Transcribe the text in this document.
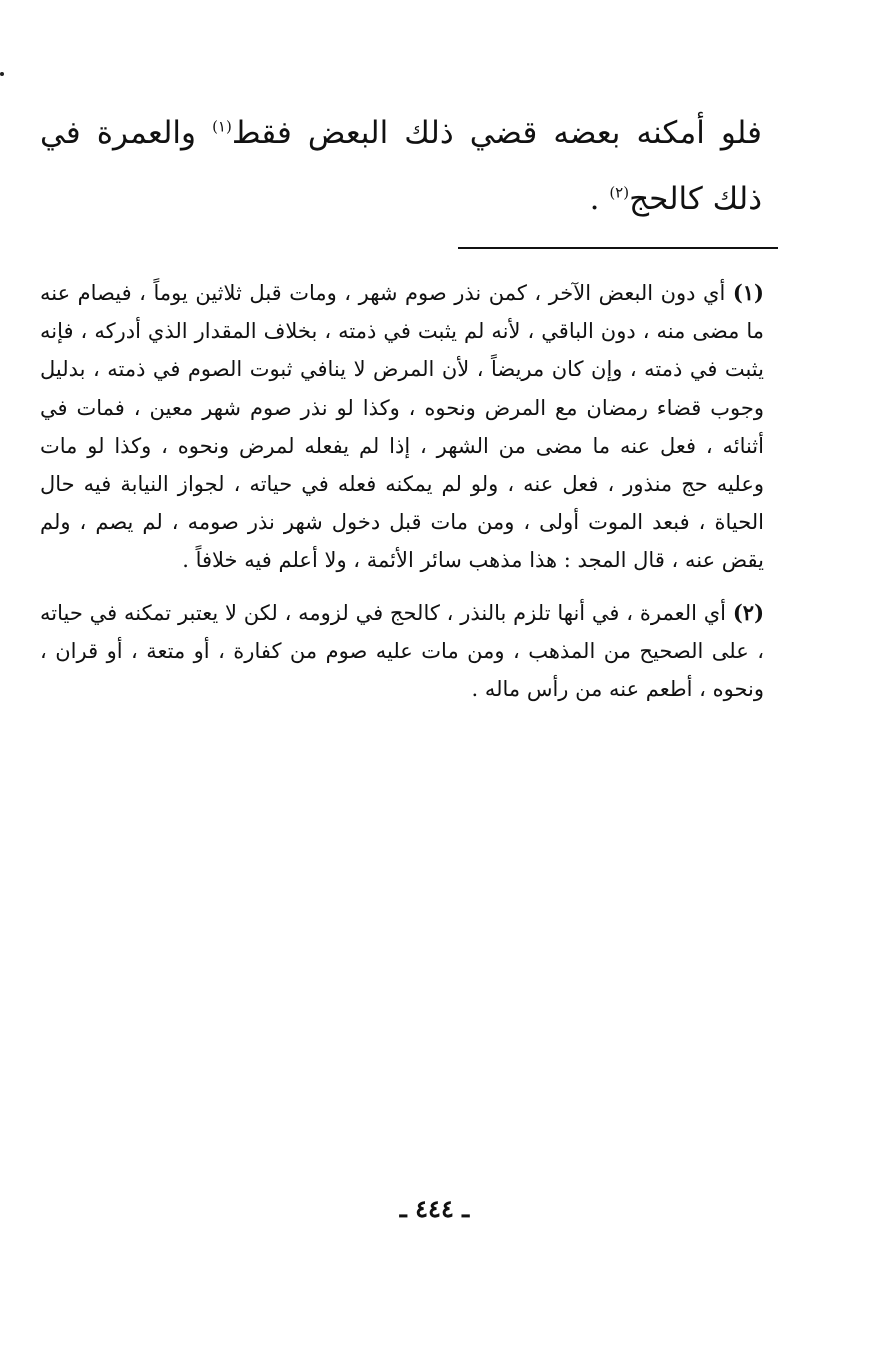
فلو أمكنه بعضه قضي ذلك البعض فقط$^{(١)}$ والعمرة في ذلك كالحج$^{(٢)}$ .

(١) أي دون البعض الآخر ، كمن نذر صوم شهر ، ومات قبل ثلاثين يوماً ، فيصام عنه ما مضى منه ، دون الباقي ، لأنه لم يثبت في ذمته ، بخلاف المقدار الذي أدركه ، فإنه يثبت في ذمته ، وإن كان مريضاً ، لأن المرض لا ينافي ثبوت الصوم في ذمته ، بدليل وجوب قضاء رمضان مع المرض ونحوه ، وكذا لو نذر صوم شهر معين ، فمات في أثنائه ، فعل عنه ما مضى من الشهر ، إذا لم يفعله لمرض ونحوه ، وكذا لو مات وعليه حج منذور ، فعل عنه ، ولو لم يمكنه فعله في حياته ، لجواز النيابة فيه حال الحياة ، فبعد الموت أولى ، ومن مات قبل دخول شهر نذر صومه ، لم يصم ، ولم يقض عنه ، قال المجد : هذا مذهب سائر الأئمة ، ولا أعلم فيه خلافاً .

(٢) أي العمرة ، في أنها تلزم بالنذر ، كالحج في لزومه ، لكن لا يعتبر تمكنه في حياته ، على الصحيح من المذهب ، ومن مات عليه صوم من كفارة ، أو متعة ، أو قران ، ونحوه ، أطعم عنه من رأس ماله .

ـ ٤٤٤ ـ
